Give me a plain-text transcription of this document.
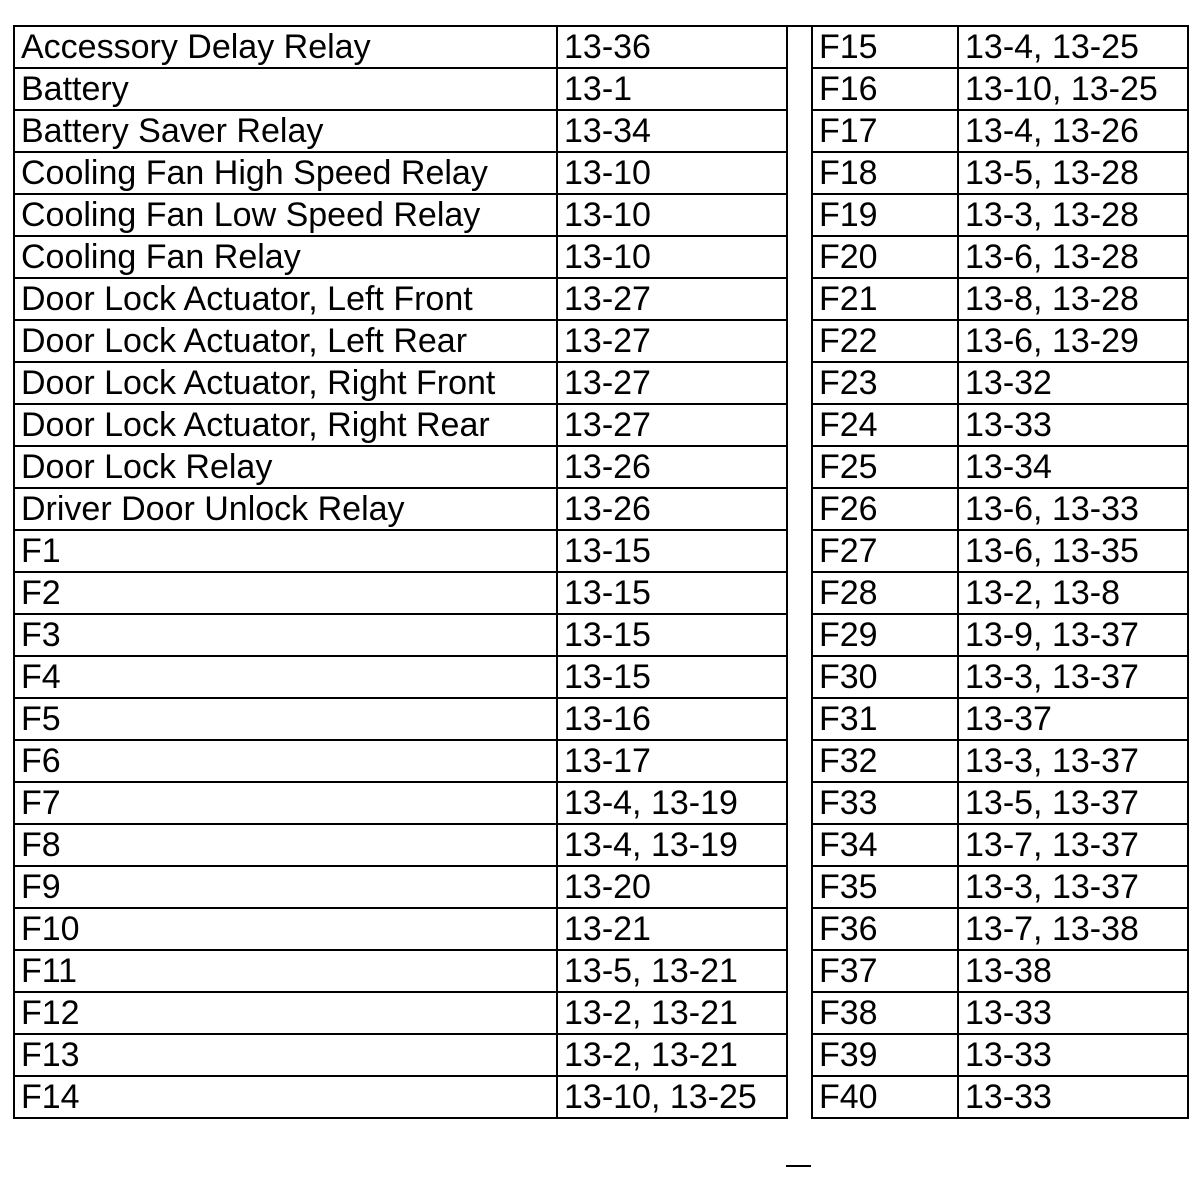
Accessory Delay Relay	13-36
Battery	13-1
Battery Saver Relay	13-34
Cooling Fan High Speed Relay	13-10
Cooling Fan Low Speed Relay	13-10
Cooling Fan Relay	13-10
Door Lock Actuator, Left Front	13-27
Door Lock Actuator, Left Rear	13-27
Door Lock Actuator, Right Front	13-27
Door Lock Actuator, Right Rear	13-27
Door Lock Relay	13-26
Driver Door Unlock Relay	13-26
F1	13-15
F2	13-15
F3	13-15
F4	13-15
F5	13-16
F6	13-17
F7	13-4, 13-19
F8	13-4, 13-19
F9	13-20
F10	13-21
F11	13-5, 13-21
F12	13-2, 13-21
F13	13-2, 13-21
F14	13-10, 13-25
F15	13-4, 13-25
F16	13-10, 13-25
F17	13-4, 13-26
F18	13-5, 13-28
F19	13-3, 13-28
F20	13-6, 13-28
F21	13-8, 13-28
F22	13-6, 13-29
F23	13-32
F24	13-33
F25	13-34
F26	13-6, 13-33
F27	13-6, 13-35
F28	13-2, 13-8
F29	13-9, 13-37
F30	13-3, 13-37
F31	13-37
F32	13-3, 13-37
F33	13-5, 13-37
F34	13-7, 13-37
F35	13-3, 13-37
F36	13-7, 13-38
F37	13-38
F38	13-33
F39	13-33
F40	13-33
